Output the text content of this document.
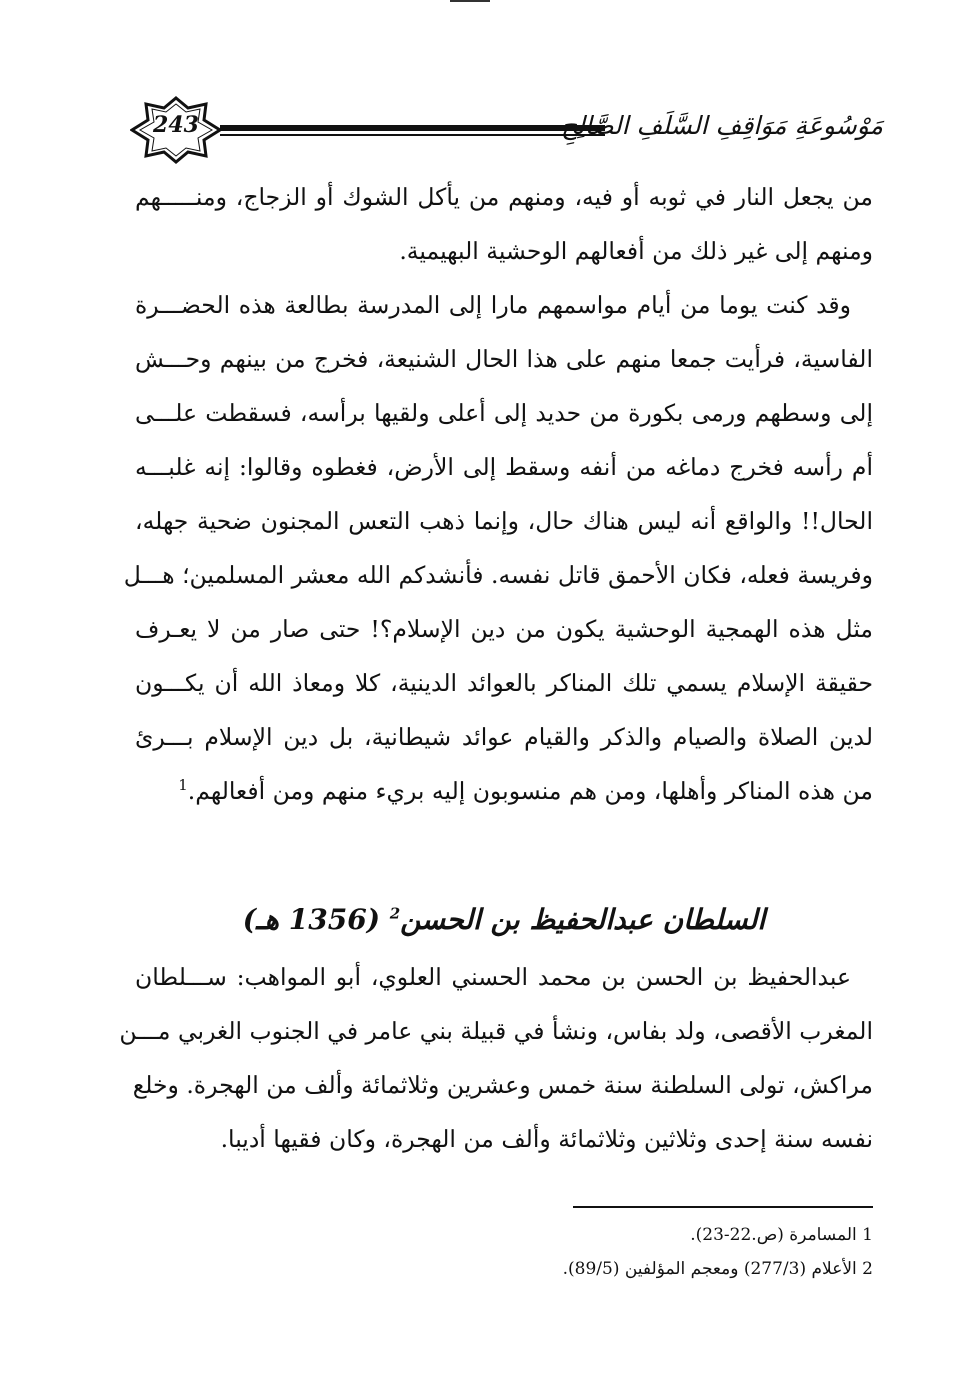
243	مَوْسُوعَةِ مَوَاقِفِ السَّلَفِ الصَّالِحِ
من يجعل النار في ثوبه أو فيه، ومنهم من يأكل الشوك أو الزجاج، ومنـــــهم
ومنهم إلى غير ذلك من أفعالهم الوحشية البهيمية.
وقد كنت يوما من أيام مواسمهم مارا إلى المدرسة بطالعة هذه الحضـــرة
الفاسية، فرأيت جمعا منهم على هذا الحال الشنيعة، فخرج من بينهم وحـــش
إلى وسطهم ورمى بكورة من حديد إلى أعلى ولقيها برأسه، فسقطت علـــى
أم رأسه فخرج دماغه من أنفه وسقط إلى الأرض، فغطوه وقالوا: إنه غلبـــه
الحال!! والواقع أنه ليس هناك حال، وإنما ذهب التعس المجنون ضحية جهله،
وفريسة فعله، فكان الأحمق قاتل نفسه. فأنشدكم الله معشر المسلمين؛ هـــل
مثل هذه الهمجية الوحشية يكون من دين الإسلام؟! حتى صار من لا يعـرف
حقيقة الإسلام يسمي تلك المناكر بالعوائد الدينية، كلا ومعاذ الله أن يكـــون
لدين الصلاة والصيام والذكر والقيام عوائد شيطانية، بل دين الإسلام بـــرئ
من هذه المناكر وأهلها، ومن هم منسوبون إليه بريء منهم ومن أفعالهم.$^1$
السلطان عبدالحفيظ بن الحسن$^2$ (1356 هـ)
عبدالحفيظ بن الحسن بن محمد الحسني العلوي، أبو المواهب: ســـلطان
المغرب الأقصى، ولد بفاس، ونشأ في قبيلة بني عامر في الجنوب الغربي مـــن
مراكش، تولى السلطنة سنة خمس وعشرين وثلاثمائة وألف من الهجرة. وخلع
نفسه سنة إحدى وثلاثين وثلاثمائة وألف من الهجرة، وكان فقيها أديبا.
1 المسامرة (ص.22-23).
2 الأعلام (277/3) ومعجم المؤلفين (89/5).
